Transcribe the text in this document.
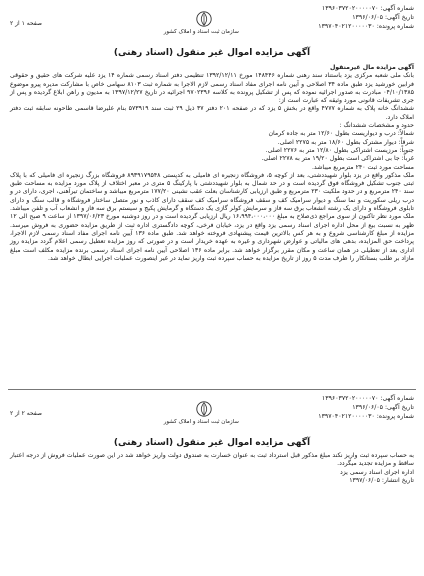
شماره آگهی: ۱۳۹۶۰۳۷۲۰۲۰۰۰۰۰۷۰
تاریخ آگهی: ۱۳۹۶/۰۶/۰۵
شماره پرونده: ۱۳۹۷۰۴۰۲۱۲۰۰۰۰۰۳۰
سازمان ثبت اسناد و املاک کشور
صفحه ۱ از ۲
آگهی مزایده اموال غیر منقول (اسناد رهنی)

آگهی مزایده مال غیرمنقول

بانک ملی شعبه مرکزی یزد باستناد سند رهنی شماره ۱۴۸۴۴۶ مورخ ۱۳۹۲/۱۲/۱۱ تنظیمی دفتر اسناد رسمی شماره ۱۴ یزد علیه شرکت های حقیق و حقوقی فرابین خورشید یزد طبق ماده ۳۴ اصلاحی و آیین نامه اجرای مفاد اسناد رسمی لازم الاجرا به شماره ثبت ۸۱۰۳ سهامی خاص با مشارکت مدیره پیرو موضوع ۰۴/۱۰/۱۳۸۵ مبادرت به صدور اجرائیه نموده که پس از تشکیل پرونده به کلاسه ۹۷۰۲۳۹۶ اجرائیه در تاریخ ۱۳۹۷/۱۲/۲۷ به مدیون و راهن ابلاغ گردیده و پس از جری تشریفات قانونی مورد وثیقه که عبارت است از:

ششدانگ خانه پلاک به شماره ۴۷۷۷ واقع در بخش ۵ یزد که در صفحه ۲۰۱ دفتر ۳۷ ذیل ۲۹ ثبت سند ۵۷۳۹۱۹ بنام علیرضا قاسمی طاحونه سابقه ثبت دفتر املاک دارد.

حدود و مشخصات ششدانگ :

شمالاً: درب و دیواریست بطول ۱۲/۶۰ متر به جاده کرمان

شرقاً: دیوار مشترک بطول ۱۸/۶۰ متر به ۲۲۷۵ اصلی.

جنوباً: مرزیست اشتراکی بطول ۱۲/۸۰ متر به ۲۲۷۶ اصلی.

غرباً: جا بی اشتراکی است بطول ۱۹/۲۰ متر به ۲۲۷۸ اصلی.

مساحت مورد ثبت ۲۴۰ مترمربع میباشد.

ملک مذکور واقع در یزد بلوار شهیددشتی، بعد از کوچه ۵، فروشگاه زنجیره ای فامیلی به کدپستی ۸۹۳۹۱۷۹۵۴۸ فروشگاه بزرگ زنجیره ای فامیلی که با پلاک ثبتی جنوب تشکیل فروشگاه فوق گردیده است و در حد شمال به بلوار شهیددشتی با پارکینگ ۵ متری در معبر اختلاف از پلاک مورد مزایده به مساحت طبق سند ۲۴۰ مترمربع و در حدود ملکیت ۲۳۰ مترمربع و طبق ارزیابی کارشناسان بعلت عقب نشینی ۱۷۷/۲۰ مترمربع میباشد و ساختمان تیرآهنی، اجری، دارای در و درب ریلی سکوریت و نما سنگ و دیوار سرامیک کف و سقف فروشگاه سرامیک کف سقف دارای کاذب و نور متصل ساختار فروشگاه و قالب سنگ و دارای تابلوی فروشگاه و دارای یک رشته انشعاب برق سه فاز و سرمایش کولر گازی یک دستگاه و گرمایش پکیج و سیستم برق سه فاز و انشعاب آب و تلفن میباشد. ملک مورد نظر تاکنون از سوی مراجع ذی‌صلاح به مبلغ ۱۶،۹۹۴،۰۰۰،۰۰۰ ریال ارزیابی گردیده است و در روز دوشنبه مورخ ۱۳۹۷/۰۶/۲۳ از ساعت ۹ صبح الی ۱۲ ظهر به نسبت بیع از محل اداره اجرای اسناد رسمی یزد واقع در یزد، خیابان فرخی، کوچه دادگستری اداره ثبت از طریق مزایده حضوری به فروش میرسد. مزایده از مبلغ کارشناسی شروع و به هر کس بالاترین قیمت پیشنهادی فروخته خواهد شد. طبق ماده ۱۳۶ آیین نامه اجرای مفاد اسناد رسمی لازم الاجرا، پرداخت حق المزایده، بدهی های مالیاتی و عوارض شهرداری و غیره به عهده خریدار است و در صورتی که روز مزایده تعطیل رسمی اعلام گردد مزایده روز اداری بعد از تعطیلی در همان ساعت و مکان مقرر برگزار خواهد شد. برابر ماده ۱۳۶ اصلاحی آیین نامه اجرای اسناد رسمی برنده مزایده مکلف است مبلغ مازاد بر طلب بستانکار را ظرف مدت ۵ روز از تاریخ مزایده به حساب سپرده ثبت واریز نماید در غیر اینصورت عملیات اجرایی ابطال خواهد شد.

شماره آگهی: ۱۳۹۶۰۳۷۲۰۲۰۰۰۰۰۷۰
تاریخ آگهی: ۱۳۹۶/۰۶/۰۵
شماره پرونده: ۱۳۹۷۰۴۰۲۱۲۰۰۰۰۰۳۰
سازمان ثبت اسناد و املاک کشور
صفحه ۲ از ۲
آگهی مزایده اموال غیر منقول (اسناد رهنی)

به حساب سپرده ثبت واریز نکند مبلغ مذکور قبل استرداد ثبت به عنوان خسارت به صندوق دولت واریز خواهد شد در این صورت عملیات فروش از درجه اعتبار ساقط و مزایده تجدید میگردد.

اداره اجرای اسناد رسمی یزد

تاریخ انتشار: ۱۳۹۷/۰۶/۰۵
